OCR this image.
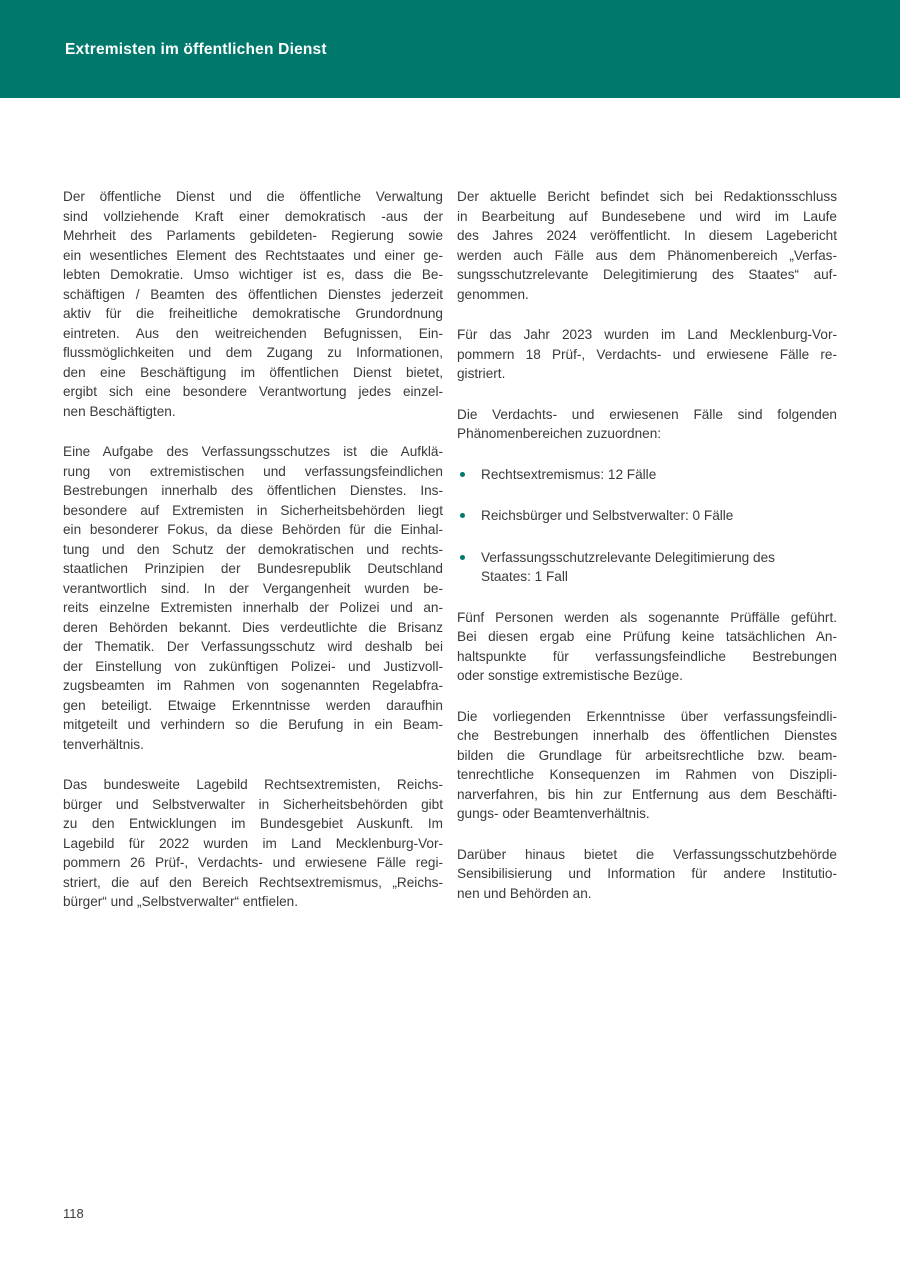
Extremisten im öffentlichen Dienst
Der öffentliche Dienst und die öffentliche Verwaltung
sind vollziehende Kraft einer demokratisch -aus der
Mehrheit des Parlaments gebildeten- Regierung sowie
ein wesentliches Element des Rechtstaates und einer ge-
lebten Demokratie. Umso wichtiger ist es, dass die Be-
schäftigen / Beamten des öffentlichen Dienstes jederzeit
aktiv für die freiheitliche demokratische Grundordnung
eintreten. Aus den weitreichenden Befugnissen, Ein-
flussmöglichkeiten und dem Zugang zu Informationen,
den eine Beschäftigung im öffentlichen Dienst bietet,
ergibt sich eine besondere Verantwortung jedes einzel-
nen Beschäftigten.
Eine Aufgabe des Verfassungsschutzes ist die Aufklä-
rung von extremistischen und verfassungsfeindlichen
Bestrebungen innerhalb des öffentlichen Dienstes. Ins-
besondere auf Extremisten in Sicherheitsbehörden liegt
ein besonderer Fokus, da diese Behörden für die Einhal-
tung und den Schutz der demokratischen und rechts-
staatlichen Prinzipien der Bundesrepublik Deutschland
verantwortlich sind. In der Vergangenheit wurden be-
reits einzelne Extremisten innerhalb der Polizei und an-
deren Behörden bekannt. Dies verdeutlichte die Brisanz
der Thematik. Der Verfassungsschutz wird deshalb bei
der Einstellung von zukünftigen Polizei- und Justizvoll-
zugsbeamten im Rahmen von sogenannten Regelabfra-
gen beteiligt. Etwaige Erkenntnisse werden daraufhin
mitgeteilt und verhindern so die Berufung in ein Beam-
tenverhältnis.
Das bundesweite Lagebild Rechtsextremisten, Reichs-
bürger und Selbstverwalter in Sicherheitsbehörden gibt
zu den Entwicklungen im Bundesgebiet Auskunft. Im
Lagebild für 2022 wurden im Land Mecklenburg-Vor-
pommern 26 Prüf-, Verdachts- und erwiesene Fälle regi-
striert, die auf den Bereich Rechtsextremismus, „Reichs-
bürger“ und „Selbstverwalter“ entfielen.
Der aktuelle Bericht befindet sich bei Redaktionsschluss
in Bearbeitung auf Bundesebene und wird im Laufe
des Jahres 2024 veröffentlicht. In diesem Lagebericht
werden auch Fälle aus dem Phänomenbereich „Verfas-
sungsschutzrelevante Delegitimierung des Staates“ auf-
genommen.
Für das Jahr 2023 wurden im Land Mecklenburg-Vor-
pommern 18 Prüf-, Verdachts- und erwiesene Fälle re-
gistriert.
Die Verdachts- und erwiesenen Fälle sind folgenden
Phänomenbereichen zuzuordnen:
Rechtsextremismus: 12 Fälle
Reichsbürger und Selbstverwalter: 0 Fälle
Verfassungsschutzrelevante Delegitimierung des
Staates: 1 Fall
Fünf Personen werden als sogenannte Prüffälle geführt.
Bei diesen ergab eine Prüfung keine tatsächlichen An-
haltspunkte für verfassungsfeindliche Bestrebungen
oder sonstige extremistische Bezüge.
Die vorliegenden Erkenntnisse über verfassungsfeindli-
che Bestrebungen innerhalb des öffentlichen Dienstes
bilden die Grundlage für arbeitsrechtliche bzw. beam-
tenrechtliche Konsequenzen im Rahmen von Diszipli-
narverfahren, bis hin zur Entfernung aus dem Beschäfti-
gungs- oder Beamtenverhältnis.
Darüber hinaus bietet die Verfassungsschutzbehörde
Sensibilisierung und Information für andere Institutio-
nen und Behörden an.
118
